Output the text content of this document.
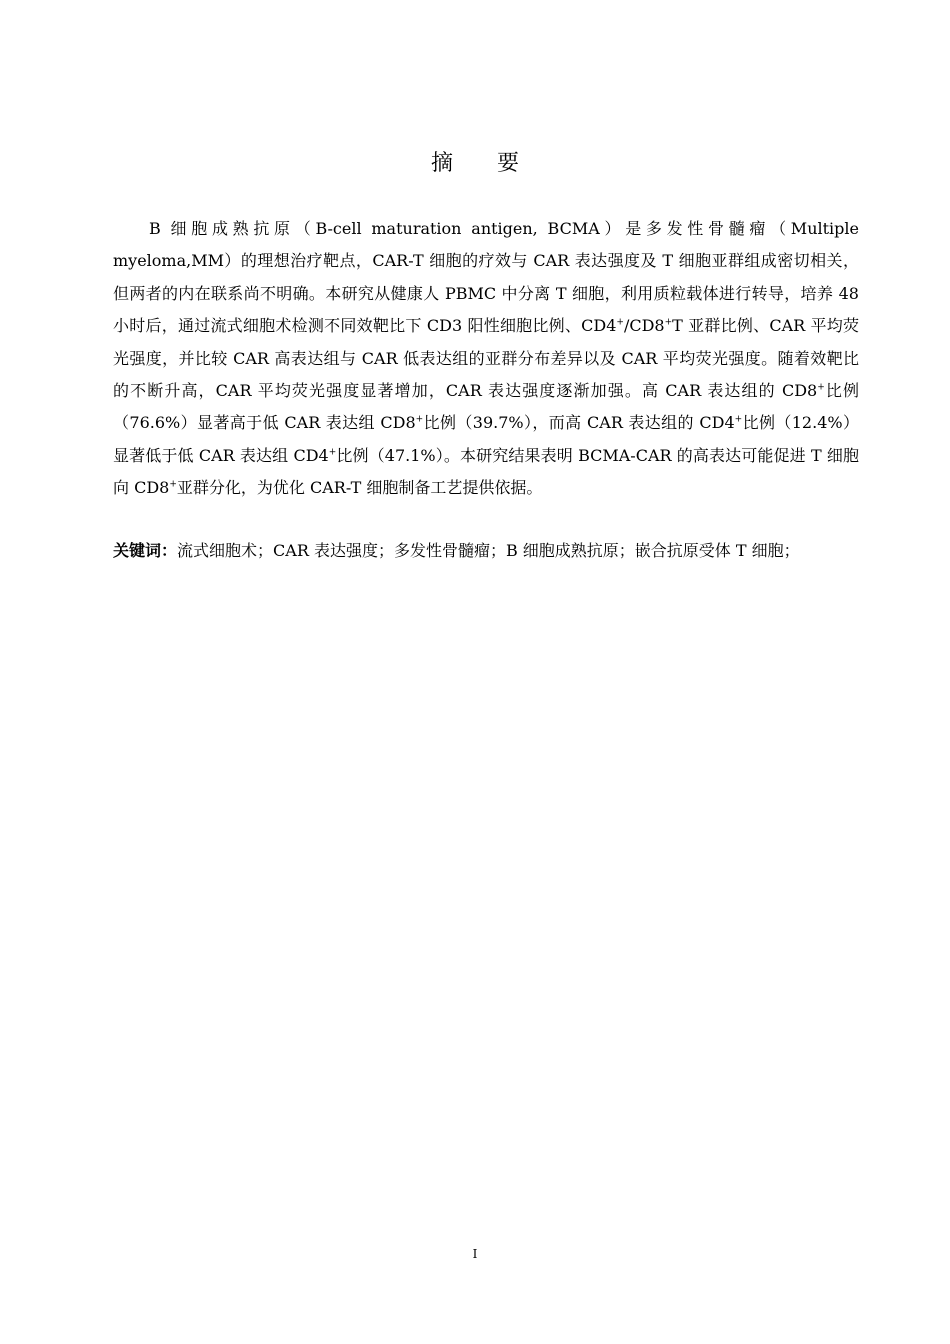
摘要

B 细胞成熟抗原（B-cell maturation antigen, BCMA）是多发性骨髓瘤（Multiple myeloma,MM）的理想治疗靶点，CAR-T 细胞的疗效与 CAR 表达强度及 T 细胞亚群组成密切相关，但两者的内在联系尚不明确。本研究从健康人 PBMC 中分离 T 细胞，利用质粒载体进行转导，培养 48 小时后，通过流式细胞术检测不同效靶比下 CD3 阳性细胞比例、CD4+/CD8+T 亚群比例、CAR 平均荧光强度，并比较 CAR 高表达组与 CAR 低表达组的亚群分布差异以及 CAR 平均荧光强度。随着效靶比的不断升高，CAR 平均荧光强度显著增加，CAR 表达强度逐渐加强。高 CAR 表达组的 CD8+比例（76.6%）显著高于低 CAR 表达组 CD8+比例（39.7%），而高 CAR 表达组的 CD4+比例（12.4%）显著低于低 CAR 表达组 CD4+比例（47.1%）。本研究结果表明 BCMA-CAR 的高表达可能促进 T 细胞向 CD8+亚群分化，为优化 CAR-T 细胞制备工艺提供依据。

关键词：流式细胞术；CAR 表达强度；多发性骨髓瘤；B 细胞成熟抗原；嵌合抗原受体 T 细胞；

I
